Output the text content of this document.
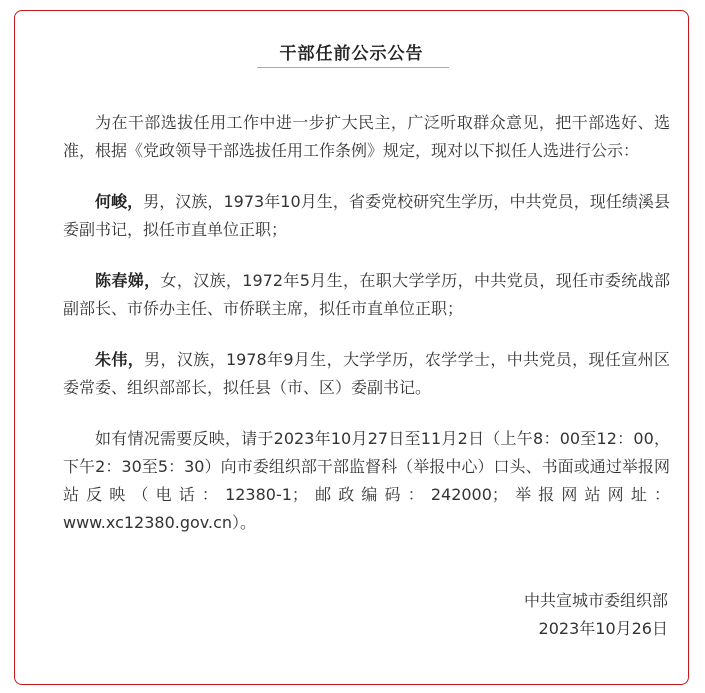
干部任前公示公告

为在干部选拔任用工作中进一步扩大民主，广泛听取群众意见，把干部选好、选准，根据《党政领导干部选拔任用工作条例》规定，现对以下拟任人选进行公示：

何峻，男，汉族，1973年10月生，省委党校研究生学历，中共党员，现任绩溪县委副书记，拟任市直单位正职；

陈春娣，女，汉族，1972年5月生，在职大学学历，中共党员，现任市委统战部副部长、市侨办主任、市侨联主席，拟任市直单位正职；

朱伟，男，汉族，1978年9月生，大学学历，农学学士，中共党员，现任宣州区委常委、组织部部长，拟任县（市、区）委副书记。

如有情况需要反映，请于2023年10月27日至11月2日（上午8：00至12：00，下午2：30至5：30）向市委组织部干部监督科（举报中心）口头、书面或通过举报网站反映（电话：12380-1；邮政编码：242000；举报网站网址：www.xc12380.gov.cn）。

中共宣城市委组织部
2023年10月26日
